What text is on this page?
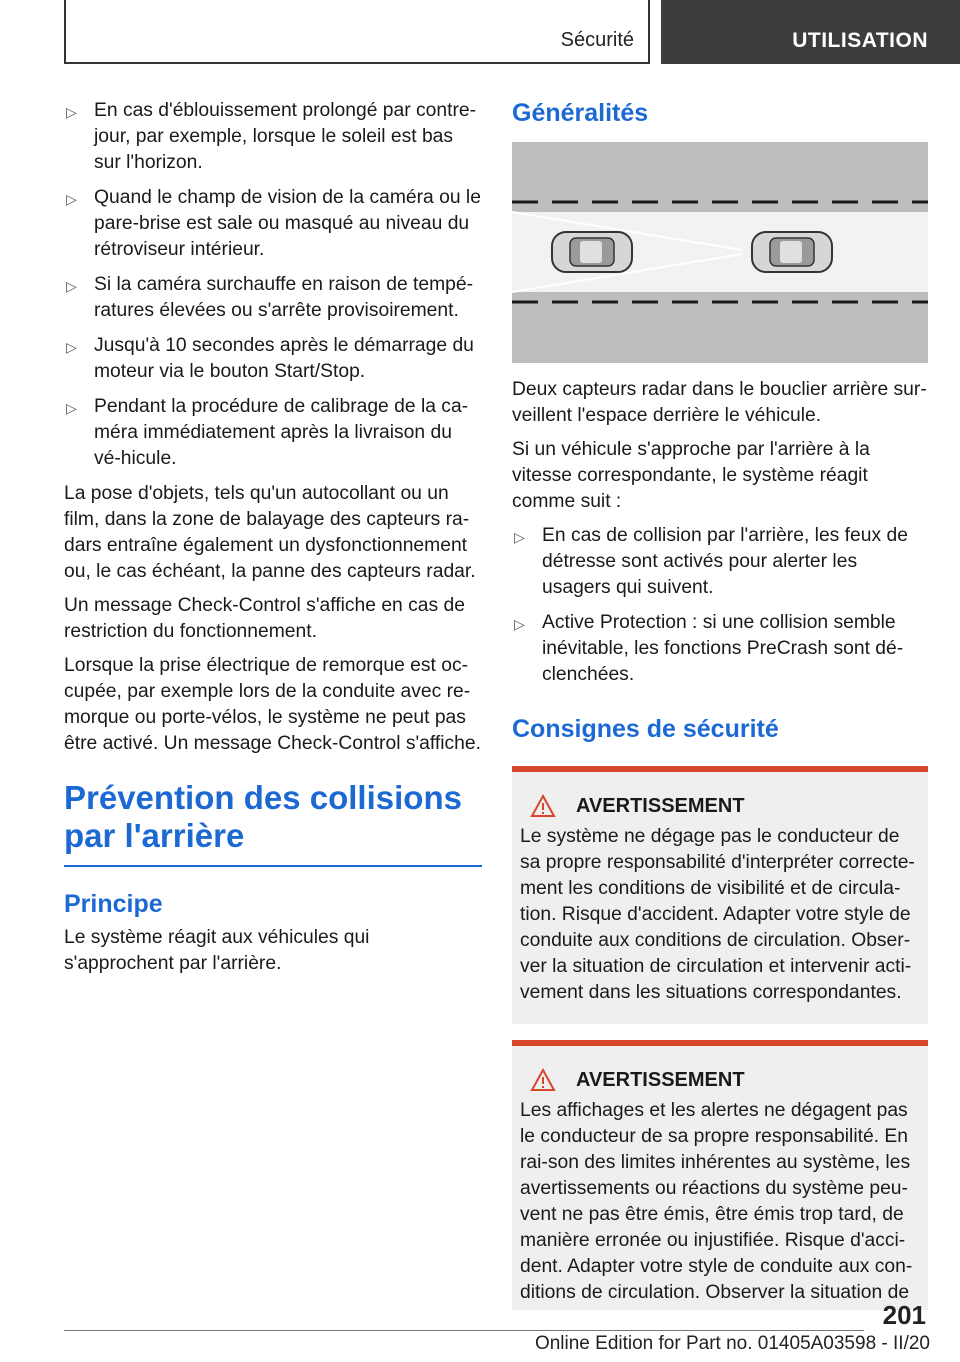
Sécurité	UTILISATION
▷ En cas d'éblouissement prolongé par contre-jour, par exemple, lorsque le soleil est bas sur l'horizon.
▷ Quand le champ de vision de la caméra ou le pare-brise est sale ou masqué au niveau du rétroviseur intérieur.
▷ Si la caméra surchauffe en raison de tempé-ratures élevées ou s'arrête provisoirement.
▷ Jusqu'à 10 secondes après le démarrage du moteur via le bouton Start/Stop.
▷ Pendant la procédure de calibrage de la ca-méra immédiatement après la livraison du vé-hicule.

La pose d'objets, tels qu'un autocollant ou un film, dans la zone de balayage des capteurs ra-dars entraîne également un dysfonctionnement ou, le cas échéant, la panne des capteurs radar.

Un message Check-Control s'affiche en cas de restriction du fonctionnement.

Lorsque la prise électrique de remorque est oc-cupée, par exemple lors de la conduite avec re-morque ou porte-vélos, le système ne peut pas être activé. Un message Check-Control s'affiche.

Prévention des collisions par l'arrière
Principe

Le système réagit aux véhicules qui s'approchent par l'arrière.

Généralités

Deux capteurs radar dans le bouclier arrière sur-veillent l'espace derrière le véhicule.

Si un véhicule s'approche par l'arrière à la vitesse correspondante, le système réagit comme suit :

▷ En cas de collision par l'arrière, les feux de détresse sont activés pour alerter les usagers qui suivent.
▷ Active Protection : si une collision semble inévitable, les fonctions PreCrash sont dé-clenchées.
Consignes de sécurité
AVERTISSEMENT

Le système ne dégage pas le conducteur de sa propre responsabilité d'interpréter correcte-ment les conditions de visibilité et de circula-tion. Risque d'accident. Adapter votre style de conduite aux conditions de circulation. Obser-ver la situation de circulation et intervenir acti-vement dans les situations correspondantes.

AVERTISSEMENT

Les affichages et les alertes ne dégagent pas le conducteur de sa propre responsabilité. En rai-son des limites inhérentes au système, les avertissements ou réactions du système peu-vent ne pas être émis, être émis trop tard, de manière erronée ou injustifiée. Risque d'acci-dent. Adapter votre style de conduite aux con-ditions de circulation. Observer la situation de

201
Online Edition for Part no. 01405A03598 - II/20
